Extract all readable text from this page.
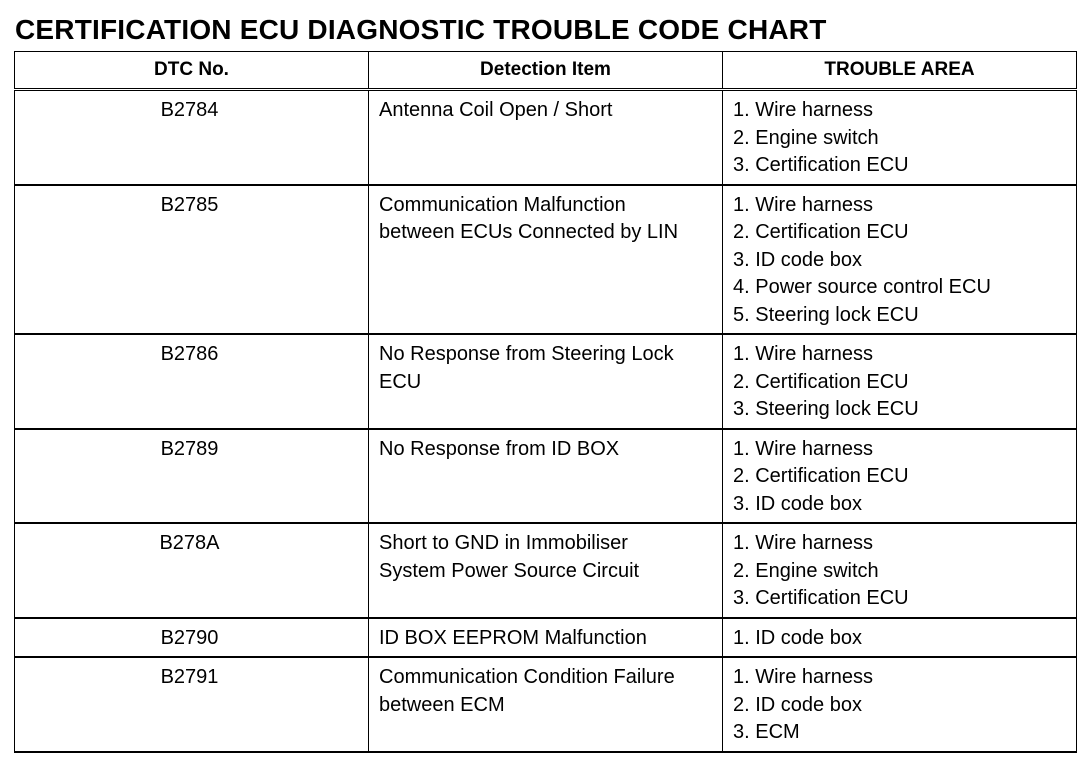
CERTIFICATION ECU DIAGNOSTIC TROUBLE CODE CHART
DTC No.	Detection Item	TROUBLE AREA
B2784	Antenna Coil Open / Short	1. Wire harness
2. Engine switch
3. Certification ECU

B2785	Communication Malfunction
between ECUs Connected by LIN	1. Wire harness
2. Certification ECU
3. ID code box
4. Power source control ECU
5. Steering lock ECU

B2786	No Response from Steering Lock
ECU	1. Wire harness
2. Certification ECU
3. Steering lock ECU

B2789	No Response from ID BOX	1. Wire harness
2. Certification ECU
3. ID code box

B278A	Short to GND in Immobiliser
System Power Source Circuit	1. Wire harness
2. Engine switch
3. Certification ECU

B2790	ID BOX EEPROM Malfunction	1. ID code box

B2791	Communication Condition Failure
between ECM	1. Wire harness
2. ID code box
3. ECM
